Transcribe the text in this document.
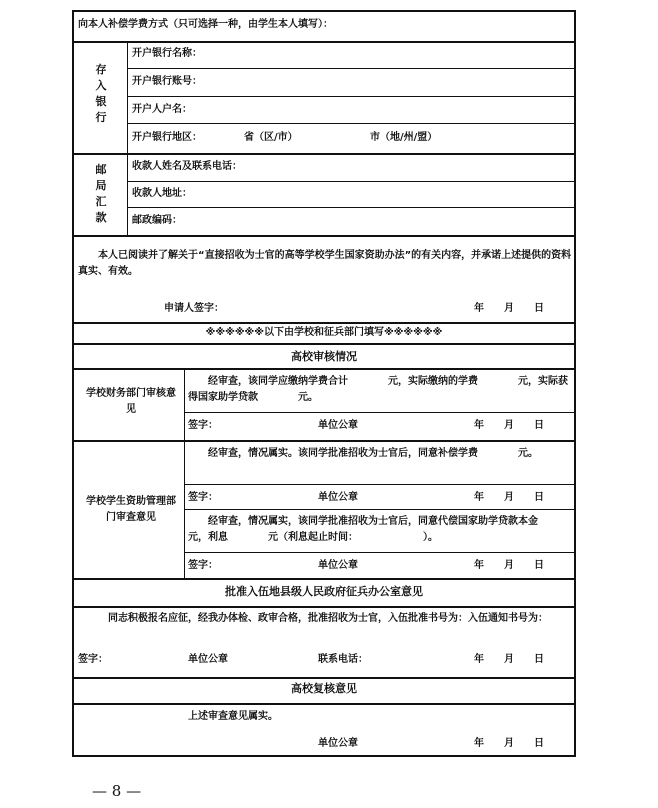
向本人补偿学费方式（只可选择一种，由学生本人填写）：
存入银行
开户银行名称：
开户银行账号：
开户人户名：
开户银行地区：	省（区/市）	市（地/州/盟）
邮局汇款
收款人姓名及联系电话：
收款人地址：
邮政编码：
本人已阅读并了解关于“直接招收为士官的高等学校学生国家资助办法”的有关内容，并承诺上述提供的资料真实、有效。
申请人签字：	年 月 日
※※※※※※以下由学校和征兵部门填写※※※※※※
高校审核情况
学校财务部门审核意见
经审查，该同学应缴纳学费合计　　　　元，实际缴纳的学费　　　　元，实际获得国家助学贷款　　　　元。
签字：	单位公章	年 月 日
学校学生资助管理部门审查意见
经审查，情况属实。该同学批准招收为士官后，同意补偿学费　　　　元。
签字：	单位公章	年 月 日
经审查，情况属实，该同学批准招收为士官后，同意代偿国家助学贷款本金　　　　元，利息　　　　元（利息起止时间：　　　　　　　）。
签字：	单位公章	年 月 日
批准入伍地县级人民政府征兵办公室意见
同志积极报名应征，经我办体检、政审合格，批准招收为士官，入伍批准书号为：入伍通知书号为：
签字：	单位公章	联系电话：	年 月 日
高校复核意见
上述审查意见属实。
单位公章	年 月 日
— 8 —
